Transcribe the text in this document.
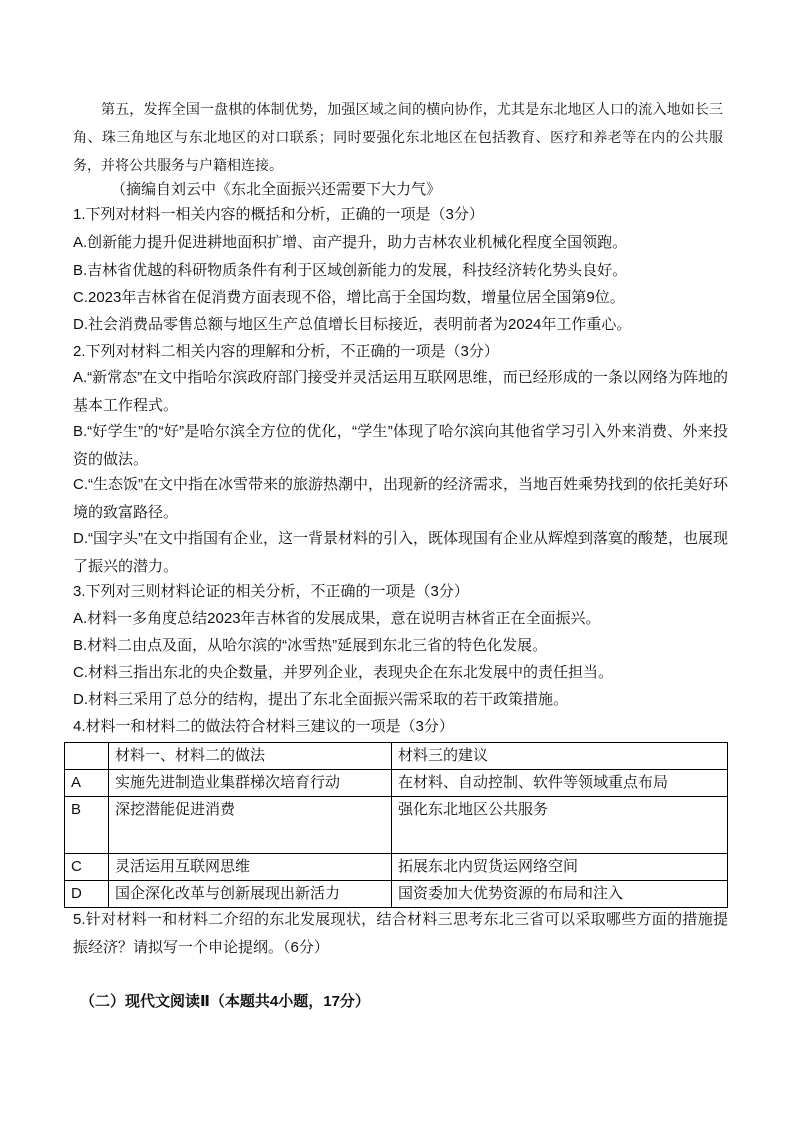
第五，发挥全国一盘棋的体制优势，加强区域之间的横向协作，尤其是东北地区人口的流入地如长三角、珠三角地区与东北地区的对口联系；同时要强化东北地区在包括教育、医疗和养老等在内的公共服务，并将公共服务与户籍相连接。
（摘编自刘云中《东北全面振兴还需要下大力气》
1.下列对材料一相关内容的概括和分析，正确的一项是（3分）
A.创新能力提升促进耕地面积扩增、亩产提升，助力吉林农业机械化程度全国领跑。
B.吉林省优越的科研物质条件有利于区域创新能力的发展，科技经济转化势头良好。
C.2023年吉林省在促消费方面表现不俗，增比高于全国均数，增量位居全国第9位。
D.社会消费品零售总额与地区生产总值增长目标接近，表明前者为2024年工作重心。
2.下列对材料二相关内容的理解和分析，不正确的一项是（3分）
A.“新常态”在文中指哈尔滨政府部门接受并灵活运用互联网思维，而已经形成的一条以网络为阵地的基本工作程式。
B.“好学生”的“好”是哈尔滨全方位的优化，“学生”体现了哈尔滨向其他省学习引入外来消费、外来投资的做法。
C.“生态饭”在文中指在冰雪带来的旅游热潮中，出现新的经济需求，当地百姓乘势找到的依托美好环境的致富路径。
D.“国字头”在文中指国有企业，这一背景材料的引入，既体现国有企业从辉煌到落寞的酸楚，也展现了振兴的潜力。
3.下列对三则材料论证的相关分析，不正确的一项是（3分）
A.材料一多角度总结2023年吉林省的发展成果，意在说明吉林省正在全面振兴。
B.材料二由点及面，从哈尔滨的“冰雪热”延展到东北三省的特色化发展。
C.材料三指出东北的央企数量，并罗列企业，表现央企在东北发展中的责任担当。
D.材料三采用了总分的结构，提出了东北全面振兴需采取的若干政策措施。
4.材料一和材料二的做法符合材料三建议的一项是（3分）
	材料一、材料二的做法	材料三的建议
A	实施先进制造业集群梯次培育行动	在材料、自动控制、软件等领域重点布局
B	深挖潜能促进消费	强化东北地区公共服务
C	灵活运用互联网思维	拓展东北内贸货运网络空间
D	国企深化改革与创新展现出新活力	国资委加大优势资源的布局和注入
5.针对材料一和材料二介绍的东北发展现状，结合材料三思考东北三省可以采取哪些方面的措施提振经济？请拟写一个申论提纲。（6分）
（二）现代文阅读Ⅱ（本题共4小题，17分）
